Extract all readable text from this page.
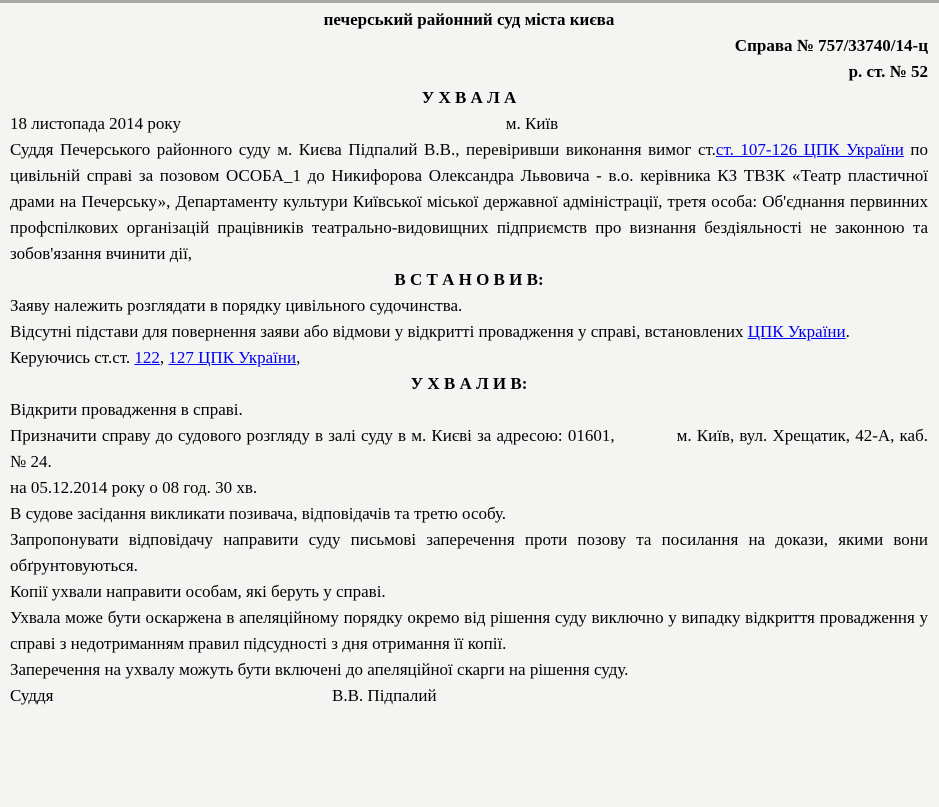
печерський районний суд міста києва

Справа № 757/33740/14-ц

р. ст. № 52

У Х В А Л А

18 листопада 2014 року	м. Київ

Суддя Печерського районного суду м. Києва Підпалий В.В., перевіривши виконання вимог ст.ст. 107-126 ЦПК України по цивільній справі за позовом ОСОБА_1 до Никифорова Олександра Львовича - в.о. керівника КЗ ТВЗК «Театр пластичної драми на Печерську», Департаменту культури Київської міської державної адміністрації, третя особа: Об'єднання первинних профспілкових організацій працівників театрально-видовищних підприємств про визнання бездіяльності не законною та зобов'язання вчинити дії,

В С Т А Н О В И В:

Заяву належить розглядати в порядку цивільного судочинства.

Відсутні підстави для повернення заяви або відмови у відкритті провадження у справі, встановлених ЦПК України.

Керуючись ст.ст. 122, 127 ЦПК України,

У Х В А Л И В:

Відкрити провадження в справі.

Призначити справу до судового розгляду в залі суду в м. Києві за адресою: 01601,	м. Київ, вул. Хрещатик, 42-А, каб. № 24.

на 05.12.2014 року о 08 год. 30 хв.

В судове засідання викликати позивача, відповідачів та третю особу.

Запропонувати відповідачу направити суду письмові заперечення проти позову та посилання на докази, якими вони обґрунтовуються.

Копії ухвали направити особам, які беруть у справі.

Ухвала може бути оскаржена в апеляційному порядку окремо від рішення суду виключно у випадку відкриття провадження у справі з недотриманням правил підсудності з дня отримання її копії.

Заперечення на ухвалу можуть бути включені до апеляційної скарги на рішення суду.

Суддя	В.В. Підпалий
